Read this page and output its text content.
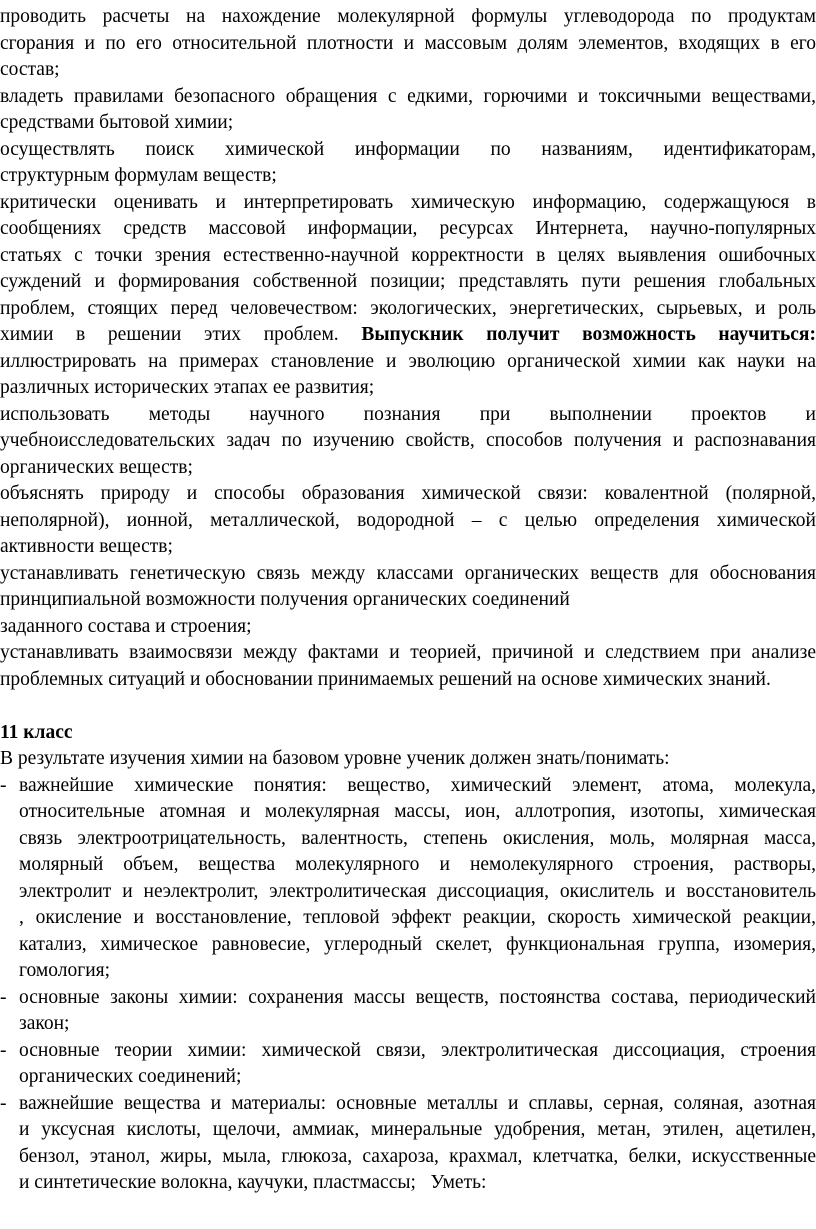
проводить расчеты на нахождение молекулярной формулы углеводорода по продуктам
сгорания и по его относительной плотности и массовым долям элементов, входящих в его
состав;
владеть правилами безопасного обращения с едкими, горючими и токсичными веществами,
средствами бытовой химии;
осуществлять поиск химической информации по названиям, идентификаторам,
структурным формулам веществ;
критически оценивать и интерпретировать химическую информацию, содержащуюся в
сообщениях средств массовой информации, ресурсах Интернета, научно-популярных
статьях с точки зрения естественно-научной корректности в целях выявления ошибочных
суждений и формирования собственной позиции; представлять пути решения глобальных
проблем, стоящих перед человечеством: экологических, энергетических, сырьевых, и роль
химии в решении этих проблем. Выпускник получит возможность научиться:
иллюстрировать на примерах становление и эволюцию органической химии как науки на
различных исторических этапах ее развития;
использовать методы научного познания при выполнении проектов и
учебноисследовательских задач по изучению свойств, способов получения и распознавания
органических веществ;
объяснять природу и способы образования химической связи: ковалентной (полярной,
неполярной), ионной, металлической, водородной – с целью определения химической
активности веществ;
устанавливать генетическую связь между классами органических веществ для обоснования
принципиальной возможности получения органических соединений
заданного состава и строения;
устанавливать взаимосвязи между фактами и теорией, причиной и следствием при анализе
проблемных ситуаций и обосновании принимаемых решений на основе химических знаний.
11 класс
В результате изучения химии на базовом уровне ученик должен знать/понимать:
- важнейшие химические понятия: вещество, химический элемент, атома, молекула,
относительные атомная и молекулярная массы, ион, аллотропия, изотопы, химическая
связь электроотрицательность, валентность, степень окисления, моль, молярная масса,
молярный объем, вещества молекулярного и немолекулярного строения, растворы,
электролит и неэлектролит, электролитическая диссоциация, окислитель и восстановитель
, окисление и восстановление, тепловой эффект реакции, скорость химической реакции,
катализ, химическое равновесие, углеродный скелет, функциональная группа, изомерия,
гомология;
- основные законы химии: сохранения массы веществ, постоянства состава, периодический
закон;
- основные теории химии: химической связи, электролитическая диссоциация, строения
органических соединений;
- важнейшие вещества и материалы: основные металлы и сплавы, серная, соляная, азотная
и уксусная кислоты, щелочи, аммиак, минеральные удобрения, метан, этилен, ацетилен,
бензол, этанол, жиры, мыла, глюкоза, сахароза, крахмал, клетчатка, белки, искусственные
и синтетические волокна, каучуки, пластмассы;   Уметь:
